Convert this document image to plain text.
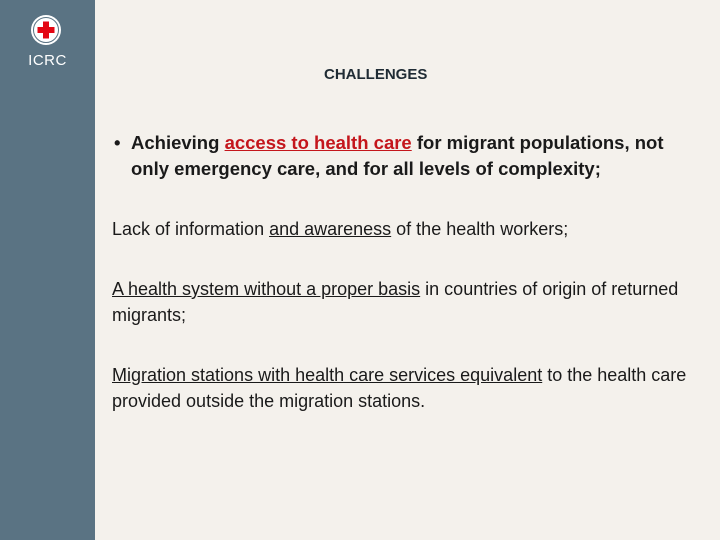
ICRC
CHALLENGES
• Achieving access to health care for migrant populations, not only emergency care, and for all levels of complexity;

Lack of information and awareness of the health workers;

A health system without a proper basis in countries of origin of returned migrants;

Migration stations with health care services equivalent to the health care provided outside the migration stations.
